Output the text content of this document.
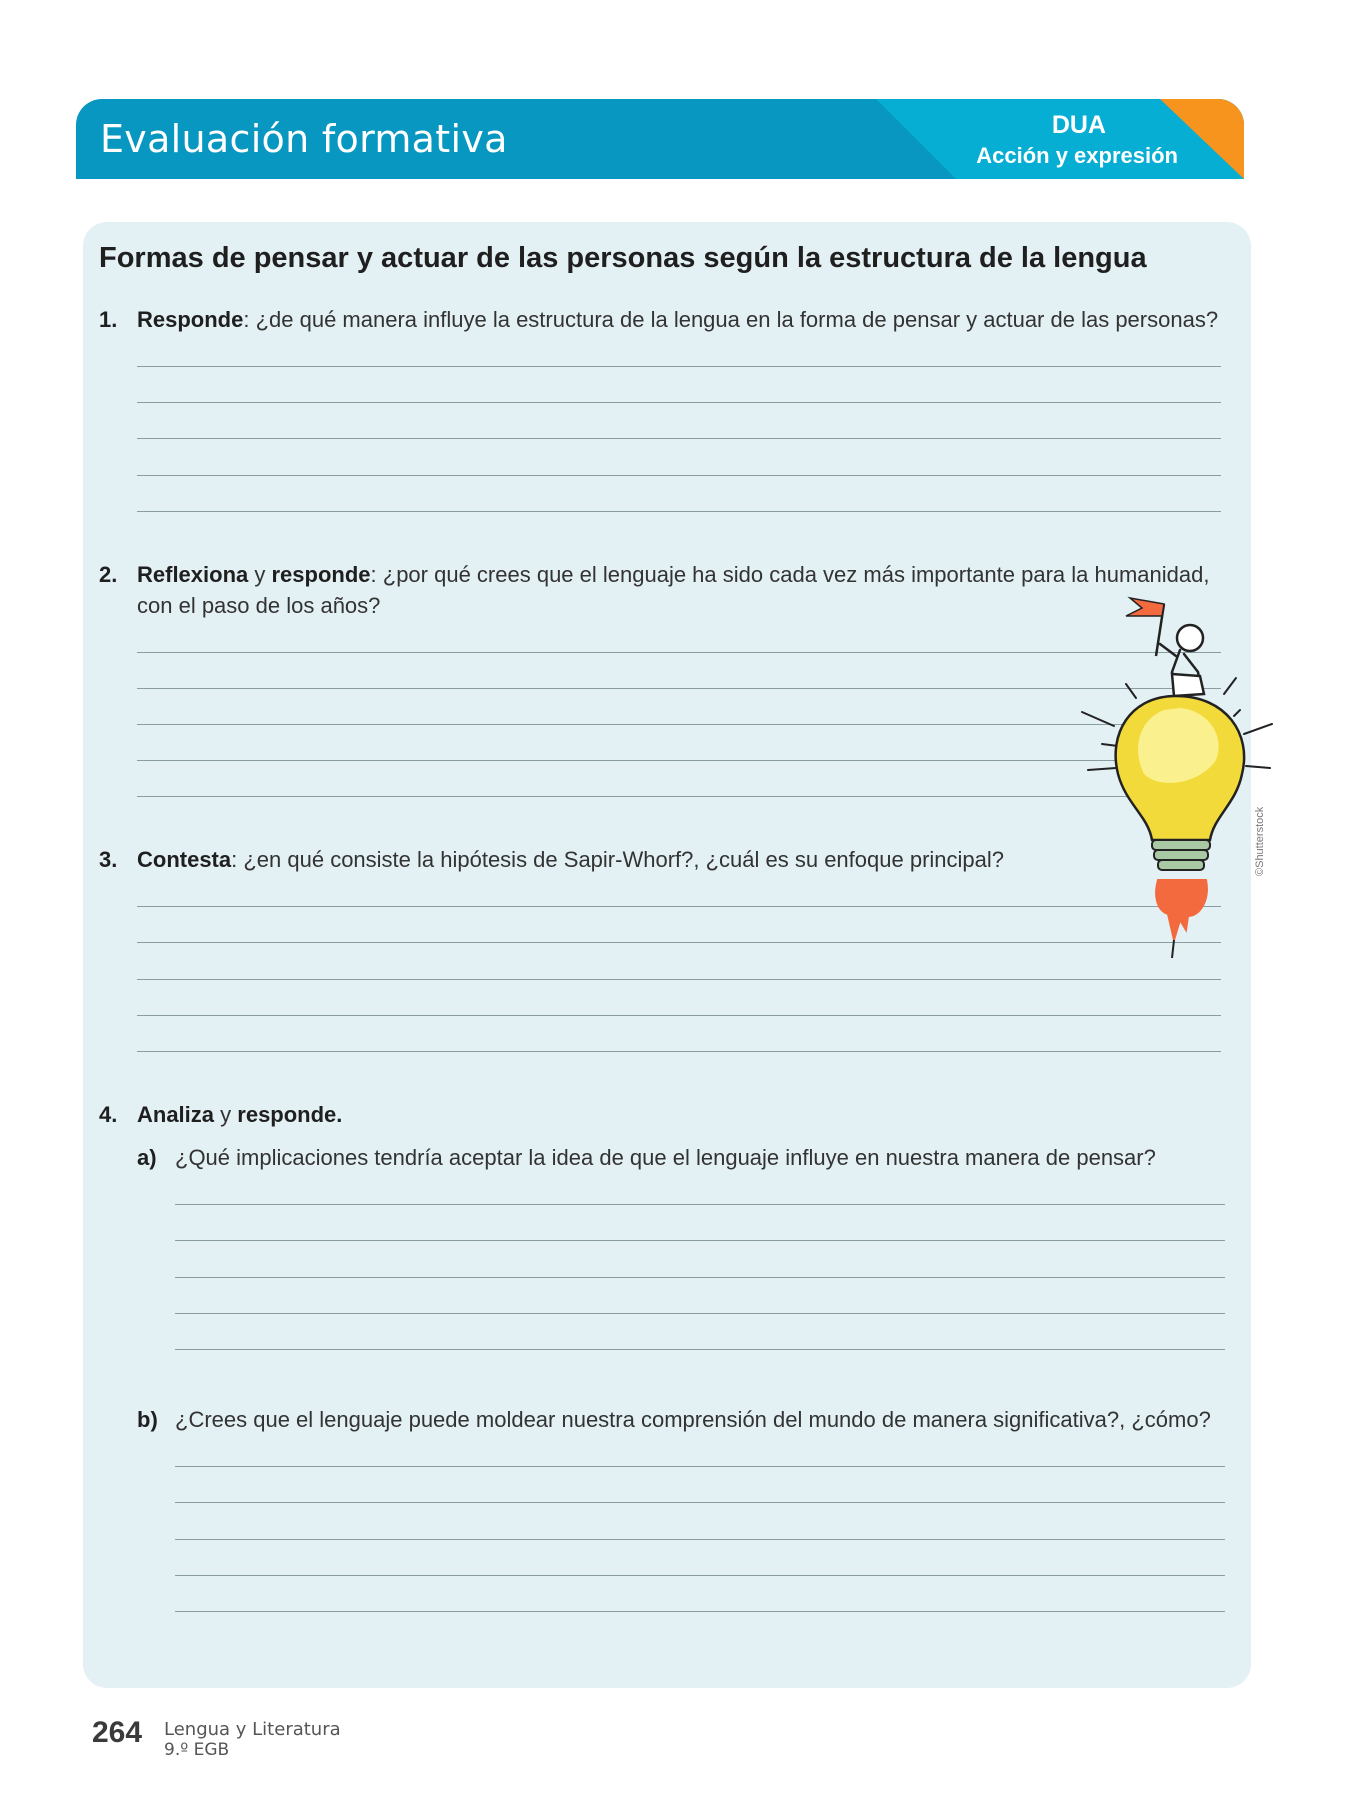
Evaluación formativa	DUA
Acción y expresión
Formas de pensar y actuar de las personas según la estructura de la lengua
1. Responde: ¿de qué manera influye la estructura de la lengua en la forma de pensar y actuar de las personas?
2. Reflexiona y responde: ¿por qué crees que el lenguaje ha sido cada vez más importante para la humanidad, con el paso de los años?
3. Contesta: ¿en qué consiste la hipótesis de Sapir-Whorf?, ¿cuál es su enfoque principal?
4. Analiza y responde.
a) ¿Qué implicaciones tendría aceptar la idea de que el lenguaje influye en nuestra manera de pensar?
b) ¿Crees que el lenguaje puede moldear nuestra comprensión del mundo de manera significativa?, ¿cómo?
©Shutterstock
264 Lengua y Literatura
9.º EGB
